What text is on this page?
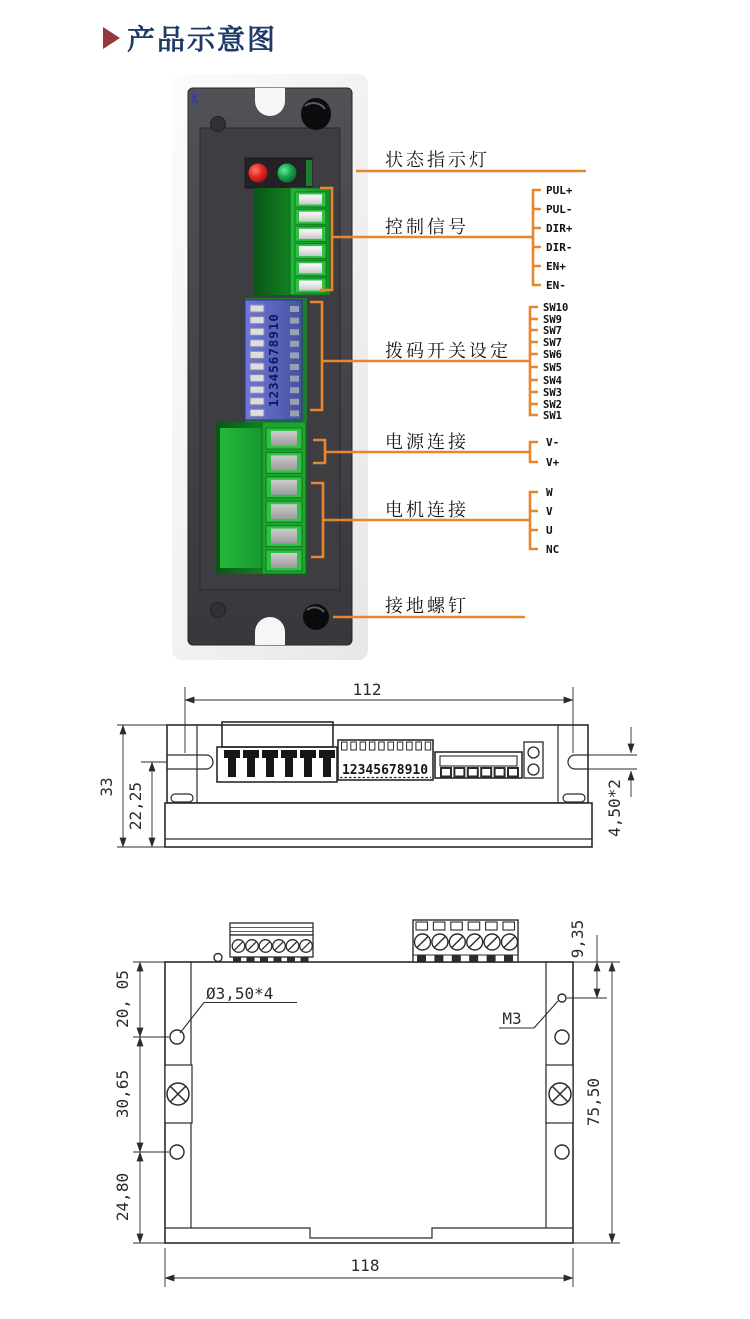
产品示意图
12345678910
状态指示灯
控制信号
拨码开关设定
电源连接
电机连接
接地螺钉
PUL+
PUL-
DIR+
DIR-
EN+
EN-
SW10
SW9
SW7
SW7
SW6
SW5
SW4
SW3
SW2
SW1
V-
V+
W
V
U
NC
12345678910
112
33 22,25	4,50*2
20, 05
30,65
24,80
9,35
75,50
118
Ø3,50*4
M3
